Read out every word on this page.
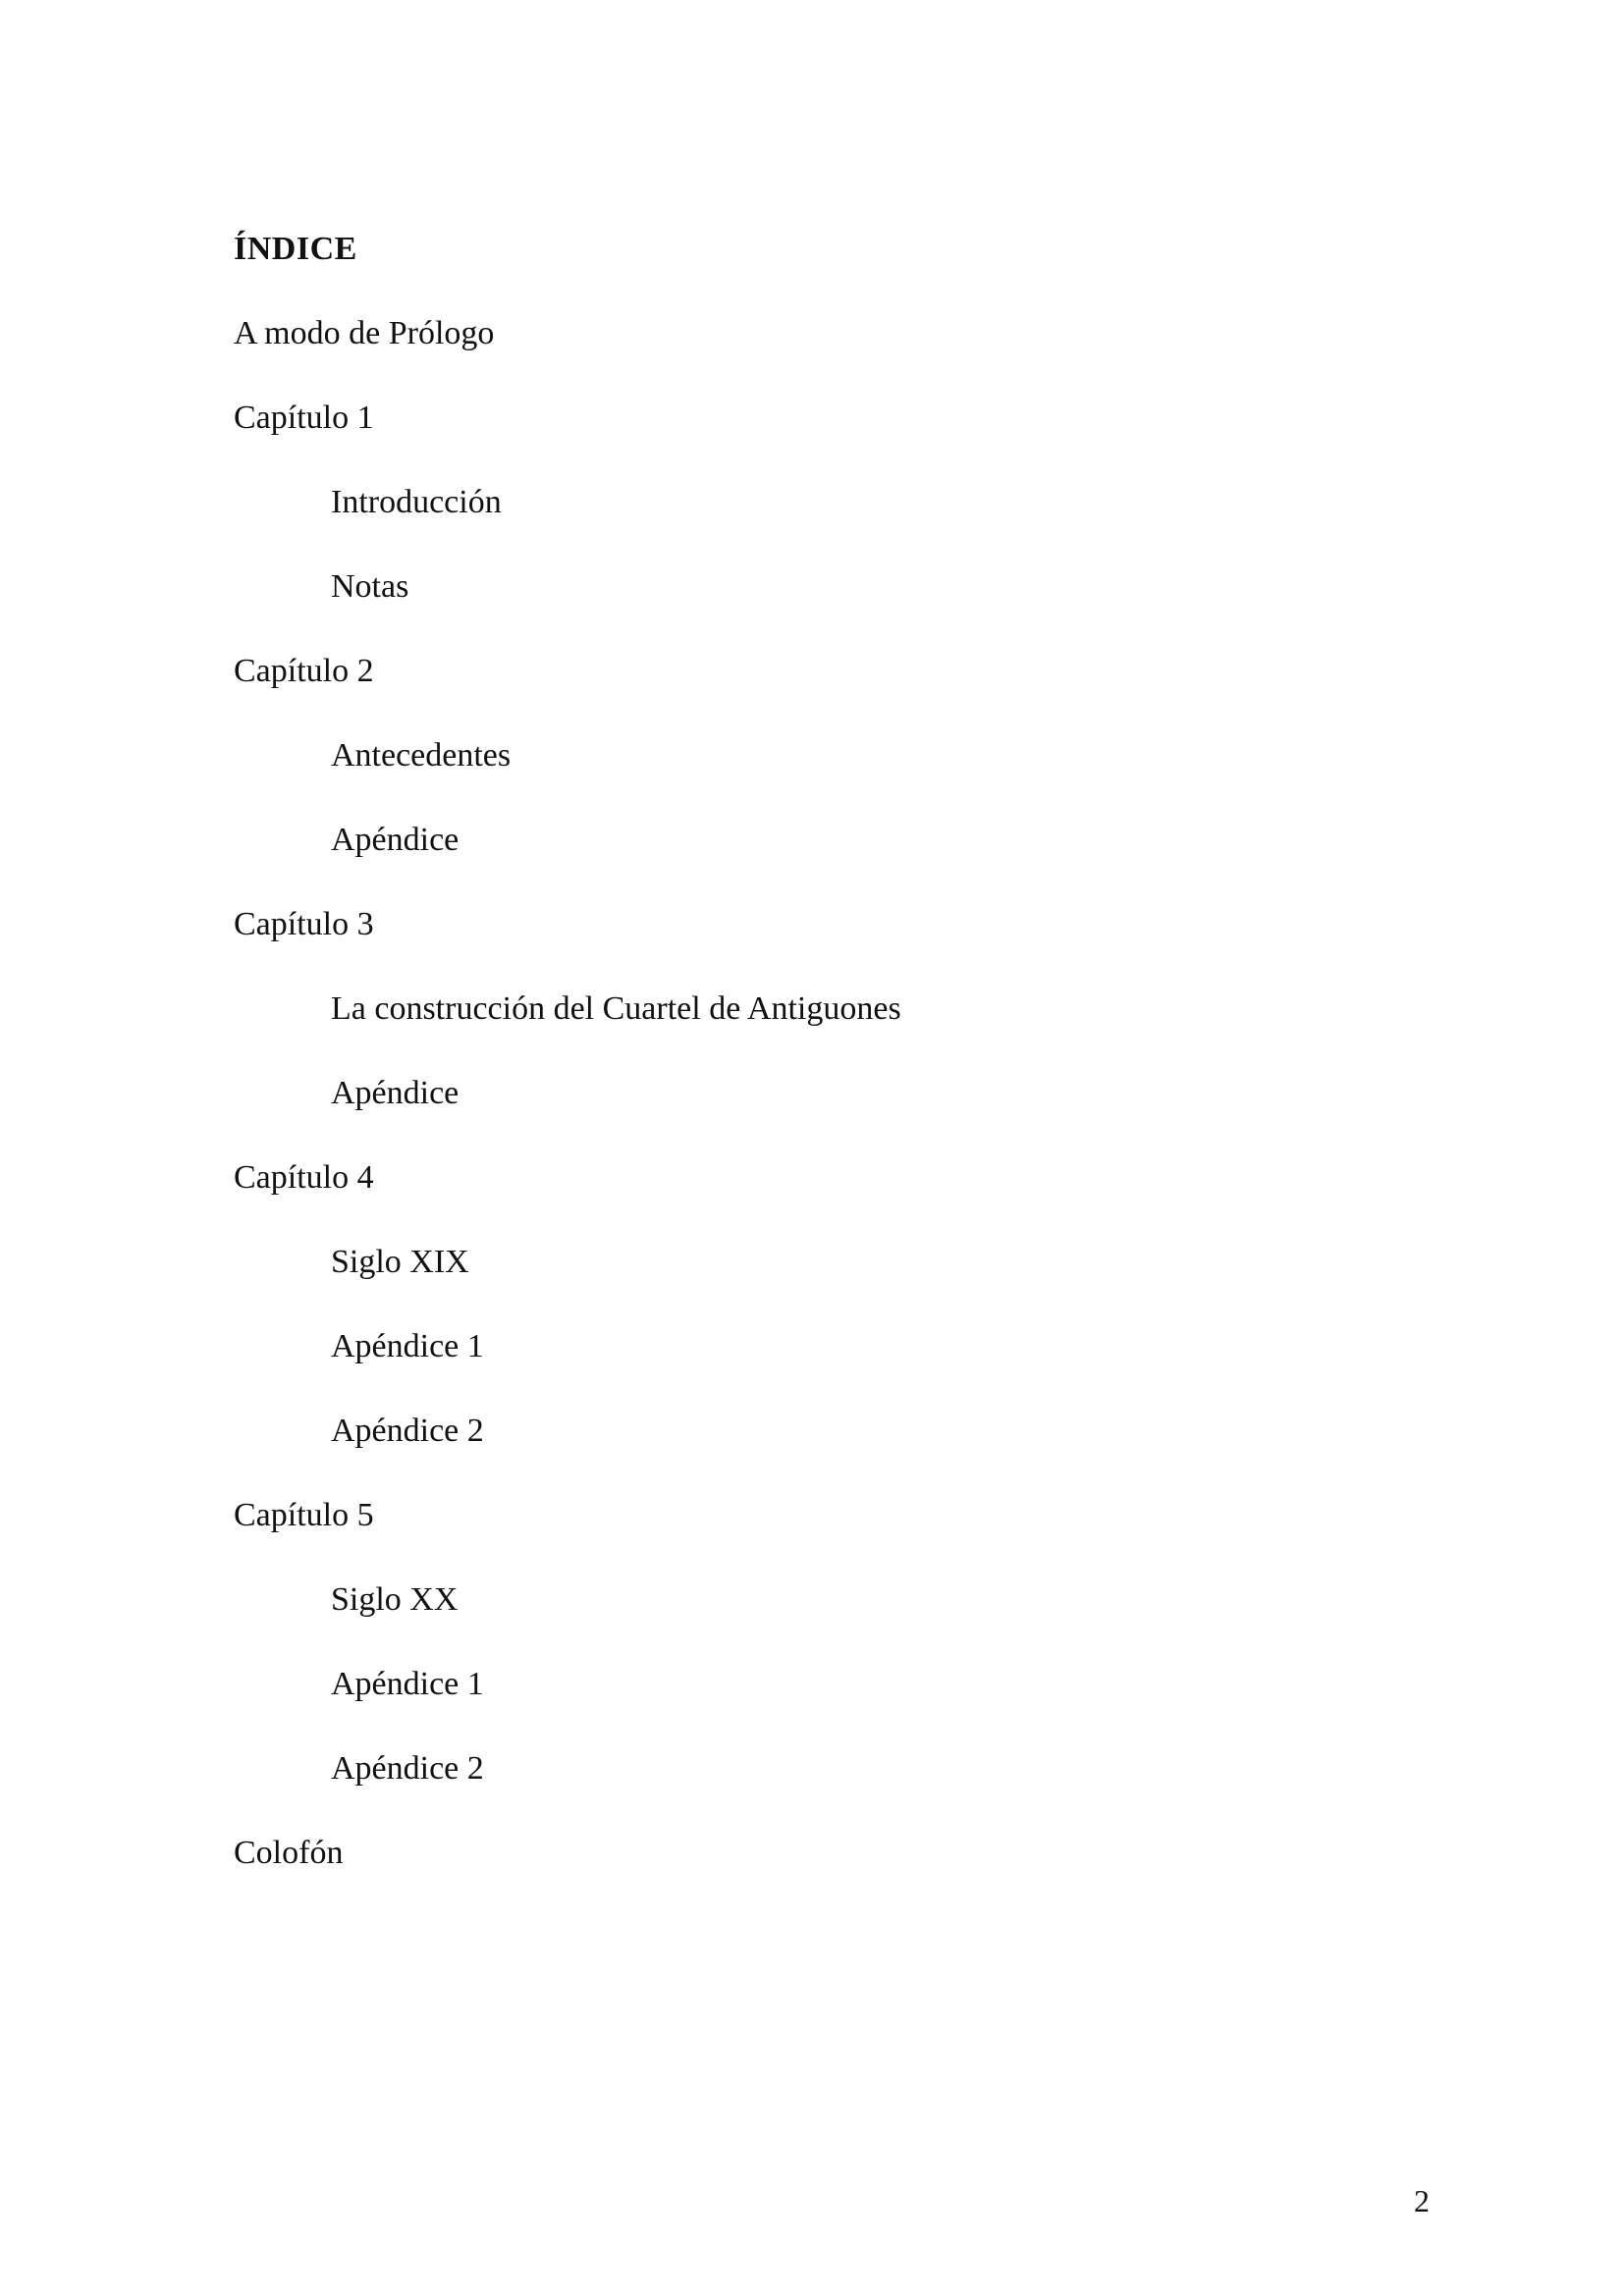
ÍNDICE
A modo de Prólogo
Capítulo 1
Introducción
Notas
Capítulo 2
Antecedentes
Apéndice
Capítulo 3
La construcción del Cuartel de Antiguones
Apéndice
Capítulo 4
Siglo XIX
Apéndice 1
Apéndice 2
Capítulo 5
Siglo XX
Apéndice 1
Apéndice 2
Colofón
2
